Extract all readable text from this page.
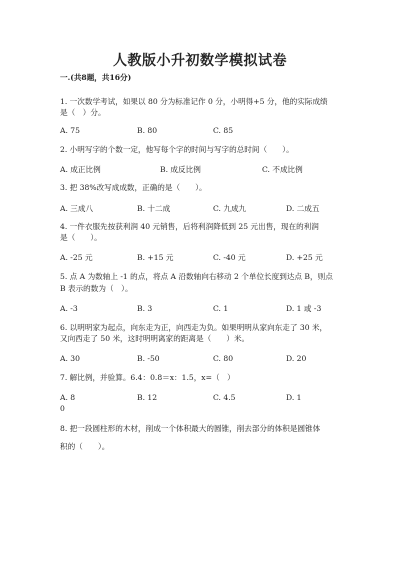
人教版小升初数学模拟试卷
一.(共8题，共16分)
1. 一次数学考试，如果以 80 分为标准记作 0 分，小明得+5 分，他的实际成绩
是（　）分。
A. 75	B. 80	C. 85
2. 小明写字的个数一定，他写每个字的时间与写字的总时间（　　）。
A. 成正比例	B. 成反比例	C. 不成比例
3. 把 38%改写成成数，正确的是（　　）。
A. 三成八	B. 十二成	C. 九成九	D. 二成五
4. 一件衣服先按获利润 40 元销售，后将利润降低到 25 元出售，现在的利润
是（　　）。
A. -25 元	B. +15 元	C. -40 元	D. +25 元
5. 点 A 为数轴上 -1 的点，将点 A 沿数轴向右移动 2 个单位长度到达点 B，则点
B 表示的数为（　）。
A. -3	B. 3	C. 1	D. 1 或 -3
6. 以明明家为起点，向东走为正，向西走为负。如果明明从家向东走了 30 米，
又向西走了 50 米，这时明明离家的距离是（　　）米。
A. 30	B. -50	C. 80	D. 20
7. 解比例，并验算。6.4：0.8＝x：1.5，x=（　）
A. 8	B. 12	C. 4.5	D. 1
0
8. 把一段圆柱形的木材，削成一个体积最大的圆锥，削去部分的体积是圆锥体
积的（　　）。
